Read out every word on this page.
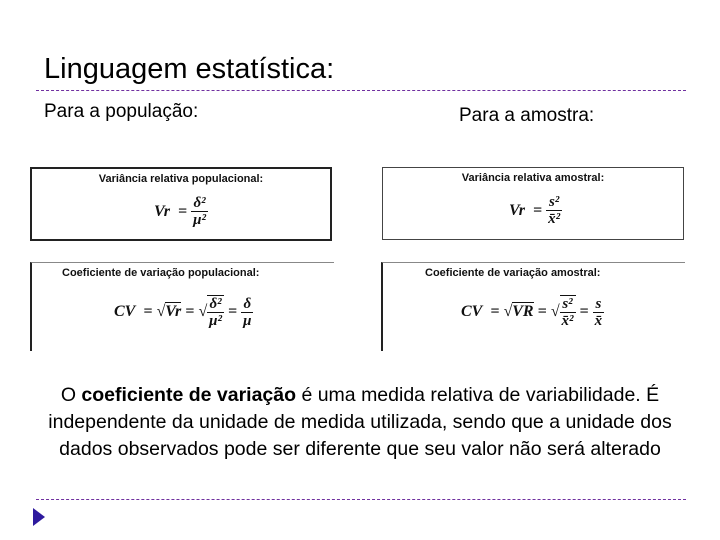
Linguagem estatística:
Para a população:	Para a amostra:
Variância relativa populacional:
$Vr = \frac{\text{δ²}}{\text{μ²}}$
Variância relativa amostral:
$Vr = \frac{\text{s²}}{\text{x̄²}}$
Coeficiente de variação populacional:
CV = √Vr = √ $\frac{\text{δ²}}{\text{μ²}} = \frac{\delta}{\mu}$
Coeficiente de variação amostral:
CV = √VR = √ $\frac{\text{s²}}{\text{x̄²}} = \frac{s}{x̄}$

O coeficiente de variação é uma medida relativa de variabilidade. É independente da unidade de medida utilizada, sendo que a unidade dos dados observados pode ser diferente que seu valor não será alterado
